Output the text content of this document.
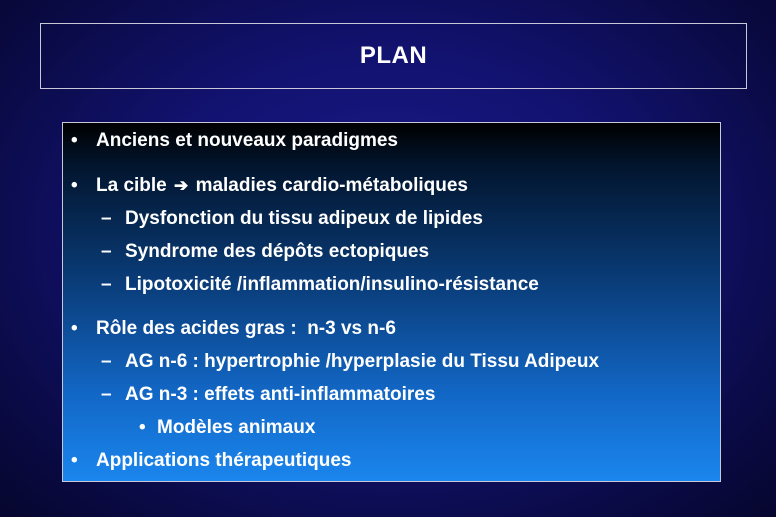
PLAN
• Anciens et nouveaux paradigmes
• La cible ➔ maladies cardio-métaboliques
– Dysfonction du tissu adipeux de lipides
– Syndrome des dépôts ectopiques
– Lipotoxicité /inflammation/insulino-résistance
• Rôle des acides gras :  n-3 vs n-6
– AG n-6 : hypertrophie /hyperplasie du Tissu Adipeux
– AG n-3 : effets anti-inflammatoires
• Modèles animaux
• Applications thérapeutiques
